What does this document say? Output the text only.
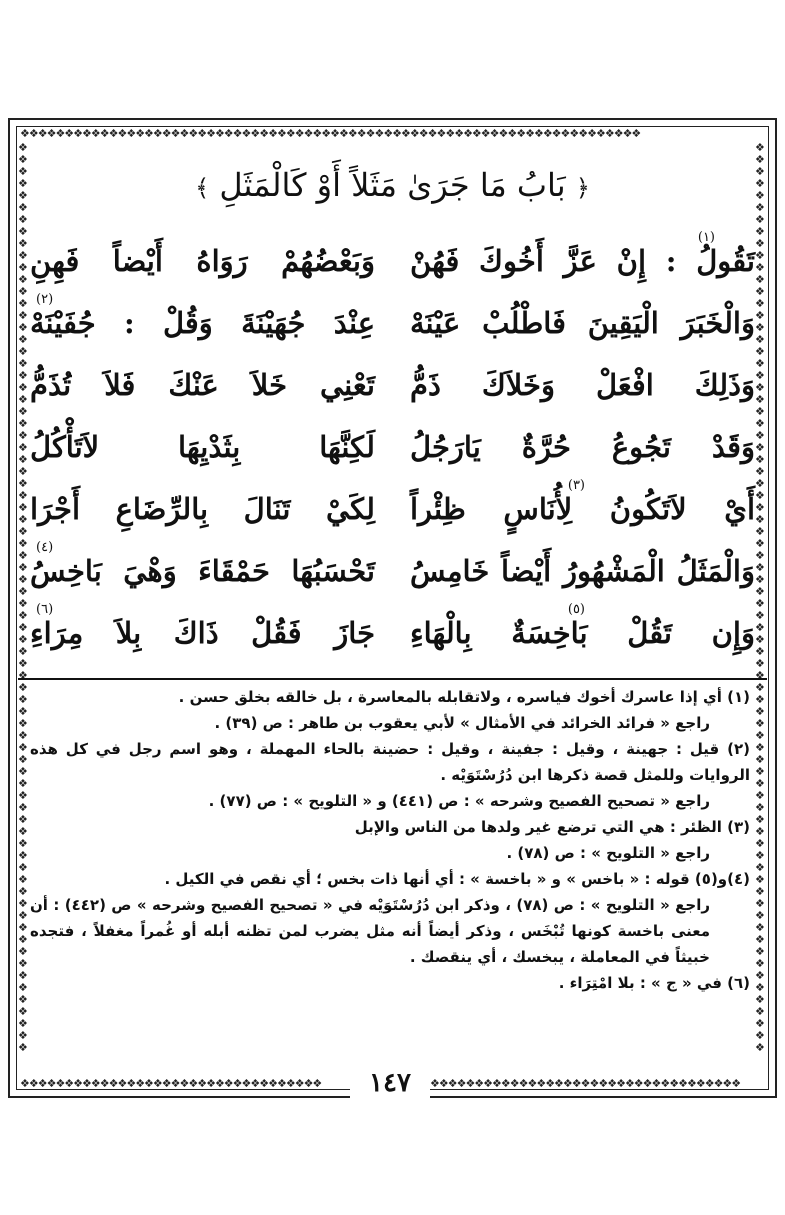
❖❖❖❖❖❖❖❖❖❖❖❖❖❖❖❖❖❖❖❖❖❖❖❖❖❖❖❖❖❖❖❖❖❖❖❖❖❖❖❖❖❖❖❖❖❖❖❖❖❖❖❖❖❖❖❖❖❖❖❖❖❖❖❖❖❖❖❖❖❖
❖❖❖❖❖❖❖❖❖❖❖❖❖❖❖❖❖❖❖❖❖❖❖❖❖❖❖❖❖❖❖❖❖❖❖❖❖❖❖❖❖❖❖❖❖❖❖❖❖❖❖❖❖❖❖❖❖❖❖❖❖❖❖❖❖❖❖❖❖❖❖❖❖❖❖❖
❖❖❖❖❖❖❖❖❖❖❖❖❖❖❖❖❖❖❖❖❖❖❖❖❖❖❖❖❖❖❖❖❖❖❖❖❖❖❖❖❖❖❖❖❖❖❖❖❖❖❖❖❖❖❖❖❖❖❖❖❖❖❖❖❖❖❖❖❖❖❖❖❖❖❖❖
❖❖❖❖❖❖❖❖❖❖❖❖❖❖❖❖❖❖❖❖❖❖❖❖❖❖❖❖❖❖❖❖❖❖	❖❖❖❖❖❖❖❖❖❖❖❖❖❖❖❖❖❖❖❖❖❖❖❖❖❖❖❖❖❖❖❖❖❖❖
١٤٧
﴿ بَابُ مَا جَرَىٰ مَثَلاً أَوْ كَالْمَثَلِ ﴾
(١)
تَقُولُ : إِنْ عَزَّ أَخُوكَ فَهُنْ
وَبَعْضُهُمْ رَوَاهُ أَيْضاً فَهِنِ
وَالْخَبَرَ الْيَقِينَ فَاطْلُبْ عَيْنَهْ
(٢)
عِنْدَ جُهَيْنَةَ وَقُلْ : جُفَيْنَهْ
وَذَلِكَ افْعَلْ وَخَلاَكَ ذَمُّ
تَعْنِي خَلاَ عَنْكَ فَلاَ تُذَمُّ
وَقَدْ تَجُوعُ حُرَّةٌ يَارَجُلُ
لَكِنَّهَا بِثَدْيِهَا لاَتَأْكُلُ
(٣)
أَيْ لاَتَكُونُ لِأُنَاسٍ ظِئْراً
لِكَيْ تَنَالَ بِالرِّضَاعِ أَجْرَا
وَالْمَثَلُ الْمَشْهُورُ أَيْضاً خَامِسُ
(٤)
تَحْسَبُهَا حَمْقَاءَ وَهْيَ بَاخِسُ
(٥)
وَإِن تَقُلْ بَاخِسَةٌ بِالْهَاءِ
(٦)
جَازَ فَقُلْ ذَاكَ بِلاَ مِرَاءِ

(١) أي إذا عاسرك أخوك فياسره ، ولاتقابله بالمعاسرة ، بل خالقه بخلق حسن .

راجع « فرائد الخرائد في الأمثال » لأبي يعقوب بن طاهر : ص (٣٩) .

(٢) قيل : جهينة ، وقيل : جفينة ، وقيل : حضينة بالحاء المهملة ، وهو اسم رجل في كل هذه الروايات وللمثل قصة ذكرها ابن دُرُسْتَوَيْه .

راجع « تصحيح الفصيح وشرحه » : ص (٤٤١) و « التلويح » : ص (٧٧) .

(٣) الظئر : هي التي ترضع غير ولدها من الناس والإبل

راجع « التلويح » : ص (٧٨) .

(٤)و(٥) قوله : « باخس » و « باخسة » : أي أنها ذات بخس ؛ أي نقص في الكيل .

راجع « التلويح » : ص (٧٨) ، وذكر ابن دُرُسْتَوَيْه في « تصحيح الفصيح وشرحه » ص (٤٤٢) : أن معنى باخسة كونها تُبْخَس ، وذكر أيضاً أنه مثل يضرب لمن تظنه أبله أو غُمراً مغفلاً ، فتجده خبيثاً في المعاملة ، يبخسك ، أي ينقصك .

(٦) في « ج » : بلا امْتِرَاء .
